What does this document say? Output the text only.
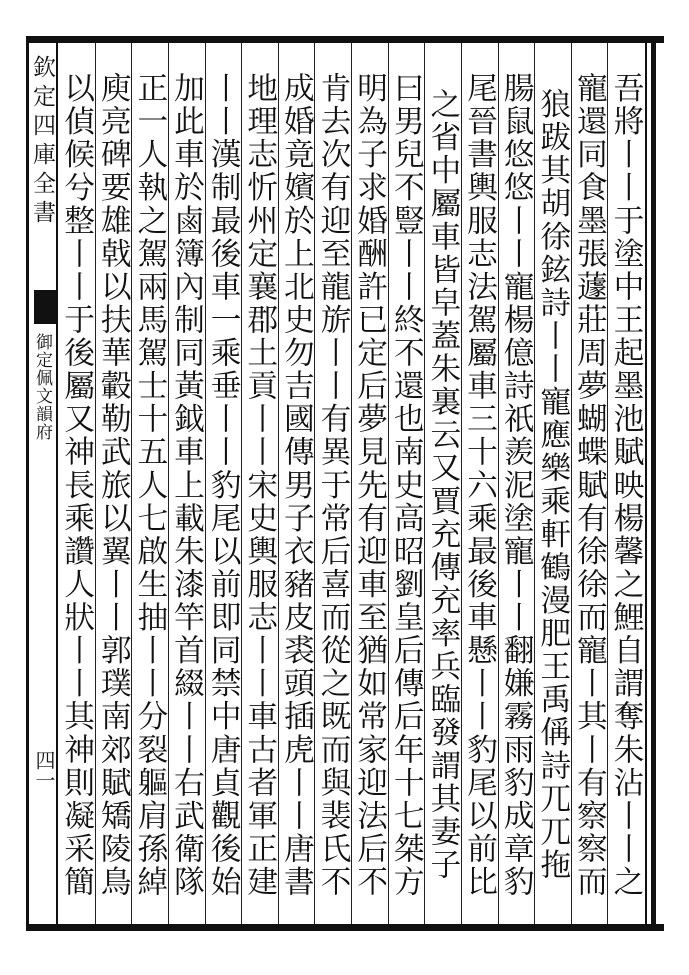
欽定四庫全書
御定佩文韻府
四一	吾將丨丨于塗中王起墨池賦映楊馨之鯉自謂奪朱沾丨丨之
寵還同食墨張蘧莊周夢蝴蝶賦有徐徐而寵丨其丨有察察而
狼跋其胡徐鉉詩丨丨寵應樂乘軒鶴漫肥王禹偁詩兀兀拖
腸鼠悠悠丨丨寵楊億詩祇羨泥塗寵丨丨翻嫌霧雨豹成章豹
尾晉書輿服志法駕屬車三十六乘最後車懸丨丨豹尾以前比
之省中屬車皆皁蓋朱裏云又賈充傳充率兵臨發謂其妻子
曰男兒不豎丨丨終不還也南史高昭劉皇后傳后年十七桀方
明為子求婚酬許已定后夢見先有迎車至猶如常家迎法后不
肯去次有迎至龍旂丨丨有異于常后喜而從之既而與裴氏不
成婚竟嬪於上北史勿吉國傳男子衣豬皮裘頭插虎丨丨唐書
地理志忻州定襄郡土貢丨丨宋史輿服志丨丨車古者軍正建
丨丨漢制最後車一乘垂丨丨豹尾以前即同禁中唐貞觀後始
加此車於鹵簿內制同黃鉞車上載朱漆竿首綴丨丨右武衛隊
正一人執之駕兩馬駕士十五人七啟生抽丨丨分裂軀肩孫綽
庾亮碑要雄戟以扶華轂勒武旅以翼丨丨郭璞南郊賦矯陵鳥
以偵候兮整丨丨于後屬又神長乘讚人狀丨丨其神則凝采簡
